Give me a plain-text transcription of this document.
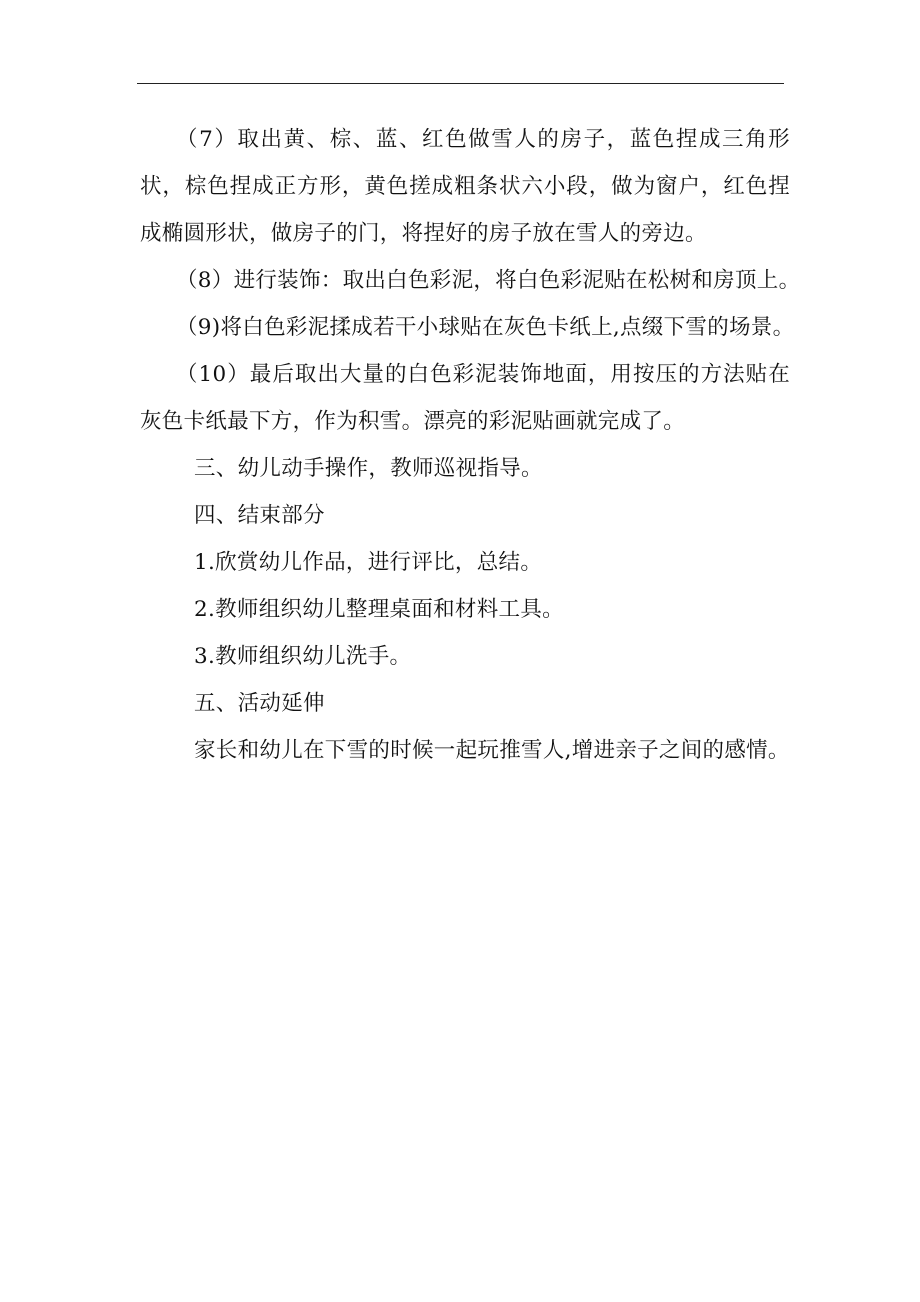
（7）取出黄、棕、蓝、红色做雪人的房子，蓝色捏成三角形状，棕色捏成正方形，黄色搓成粗条状六小段，做为窗户，红色捏成椭圆形状，做房子的门，将捏好的房子放在雪人的旁边。

（8）进行装饰：取出白色彩泥，将白色彩泥贴在松树和房顶上。

（9)将白色彩泥揉成若干小球贴在灰色卡纸上,点缀下雪的场景。

（10）最后取出大量的白色彩泥装饰地面，用按压的方法贴在灰色卡纸最下方，作为积雪。漂亮的彩泥贴画就完成了。

三、幼儿动手操作，教师巡视指导。

四、结束部分

1.欣赏幼儿作品，进行评比，总结。

2.教师组织幼儿整理桌面和材料工具。

3.教师组织幼儿洗手。

五、活动延伸

家长和幼儿在下雪的时候一起玩推雪人,增进亲子之间的感情。
